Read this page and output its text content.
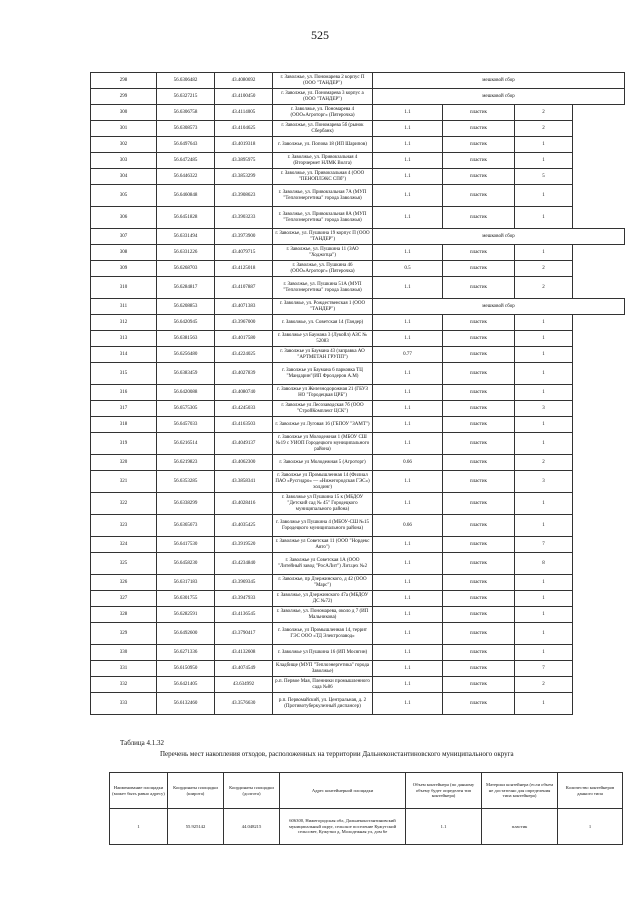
525
298	56.6306482	43.4080692	г. Заволжье, ул. Пономарева 2 корпус П (ООО "ТАНДЕР")	мешковой сбор		
299	56.6327215	43.4100450	г. Заволжье, ул. Пономарева 3 корпус а (ООО "ТАНДЕР")	мешковой сбор		
300	56.6306758	43.4114005	г. Заволжье, ул. Пономарева 4 (ООО«Агроторг» (Пятерочка)	1.1	пластик	2
301	56.6308573	43.4104625	г. Заволжье, ул. Пономарева 5б (рынок Сбербанк)	1.1	пластик	2
302	56.6497643	43.4019318	г. Заволжье, ул. Попова 18 (ИП Шарипов)	1.1	пластик	1
303	56.6472485	43.3895975	г. Заволжье, ул. Привокзальная 4 (Вторчермет НЛМК Волга)	1.1	пластик	1
304	56.6446322	43.3853299	г. Заволжье, ул. Привокзальная 4 (ООО "ПЕНОПЛЭКС СПб")	1.1	пластик	5
305	56.6460848	43.3908623	г. Заволжье, ул. Привокзальная 7А (МУП "Теплоэнергетика" города Заволжья)	1.1	пластик	1
306	56.6451828	43.3903233	г. Заволжье, ул. Привокзальная 8А (МУП "Теплоэнергетика" города Заволжья)	1.1	пластик	1
307	56.6331494	43.3973900	г. Заволжье, ул. Пушкина 19 корпус П (ООО "ТАНДЕР")	мешковой сбор		
308	56.6331226	43.4079715	г. Заволжье, ул. Пушкина 11 (ЗАО "Ходжотца")	1.1	пластик	1
309	56.6268703	43.4125018	г. Заволжье, ул. Пушкина 46 (ООО«Агроторг» (Пятерочка)	0.5	пластик	2
310	56.6284817	43.4107887	г. Заволжье, ул. Пушкина 51А (МУП "Теплоэнергетика" города Заволжья)	1.1	пластик	2
311	56.6208853	43.4071383	г. Заволжье, ул. Рождественская 1 (ООО "ТАНДЕР")	мешковой сбор		
312	56.6420945	43.3967000	г. Заволжье, ул. Советская 14 (Тандер)	1.1	пластик	1
313	56.6381563	43.4017580	г. Заволжье ул Баумана 3 (Лукойл) АЗС № 52083	1.1	пластик	1
314	56.6256480	43.4224025	г. Заволжье ул Баумана 43 (заправка АО "АРТМЕТАН ГРУПП")	0.77	пластик	1
315	56.6383459	43.4027839	г. Заволжье ул Баумана 6 парковка ТЦ "Мандарин"(ИП Фролдеров А.М)	1.1	пластик	1
316	56.6420088	43.4080740	г. Заволжье ул Железнодорожная 21 (ГБУЗ НО "Городецкая ЦРБ")	1.1	пластик	1
317	56.6575305	43.4245033	г. Заволжье ул Лесозаводская 7б (ООО "СтройКомплект ЦСК")	1.1	пластик	3
318	56.6457033	43.4163503	г. Заволжье ул Луговая 16 (ГБПОУ "ЗАМТ")	1.1	пластик	1
319	56.6216514	43.4049137	г. Заволжье ул Молодежная 1 (МБОУ СШ №19 с УИОП Городецкого муниципального района)	1.1	пластик	1
320	56.6219823	43.4062300	г. Заволжье ул Молодежная 5 (Агроторг)	0.66	пластик	2
321	56.6353285	43.3858341	г. Заволжье ул Промышленная 14 (Филиал ПАО «Русгидро» — «Нижегородская ГЭС») холдинг)	1.1	пластик	3
322	56.6338299	43.4028416	г. Заволжье ул Пушкина 15 к (МБДОУ "Детский сад № 45" Городецкого муниципального района)	1.1	пластик	1
323	56.6365673	43.4035425	г. Заволжье ул Пушкина 4 (МБОУ-СШ №15 Городецкого муниципального района)	0.66	пластик	1
324	56.6417530	43.3919520	г. Заволжье ул Советская 11 (ООО "Нордекс Авто")	1.1	пластик	7
325	56.6458230	43.4234840	г. Заволжье ул Советская 1А (ООО "Литейный завод "РосАЛит") Лит.цех №2	1.1	пластик	8
326	56.6317183	43.3969345	г. Заволжье, пр Дзержинского, д 42 (ООО "Марс")	1.1	пластик	1
327	56.6301755	43.3947933	г. Заволжье, ул Дзержинского 47а (МБДОУ ДС №72)	1.1	пластик	1
328	56.6282591	43.4136545	г. Заволжье, ул. Пономарева, около д 7 (ИП Мальникова)	1.1	пластик	1
329	56.6492600	43.3790417	г. Заволжье, ул Промышленная 14, террит ГЭС ООО «ТД Электрозавод»	1.1	пластик	1
330	56.6271336	43.4132608	г. Заволжье ул Пушкина 16 (ИП Мосягин)	1.1	пластик	1
331	56.6150950	43.4074549	Кладбище (МУП "Теплоэнергетика" города Заволжье)	1.1	пластик	7
332	56.6421405	43.634992	р.п. Первое Мая, Пленники промышленного сада №86	1.1	пластик	2
333	56.6132460	43.3576630	р.п. Первомайский, ул. Центральная, д. 2 (Противотуберкулезный диспансер)	1.1	пластик	1
Таблица 4.1.32
Перечень мест накопления отходов, расположенных на территории Дальнеконстантиновского муниципального округа
Наименование площадки (может быть равно адресу)	Координаты площадки (широта)	Координаты площадки (долгота)	Адрес контейнерной площадки	Объем контейнера (по данному объему будет определен тип контейнера)	Материал контейнера (если объем не достаточно для определения типа контейнера)	Количество контейнеров данного типа
1	55.925142	44.048215	606300, Нижегородская обл, Дальнеконстантиновский муниципальный округ, сельское поселение Кужутский сельсовет, Кужутки д, Молодежная ул, дом 6е	1.1	пластик	1
